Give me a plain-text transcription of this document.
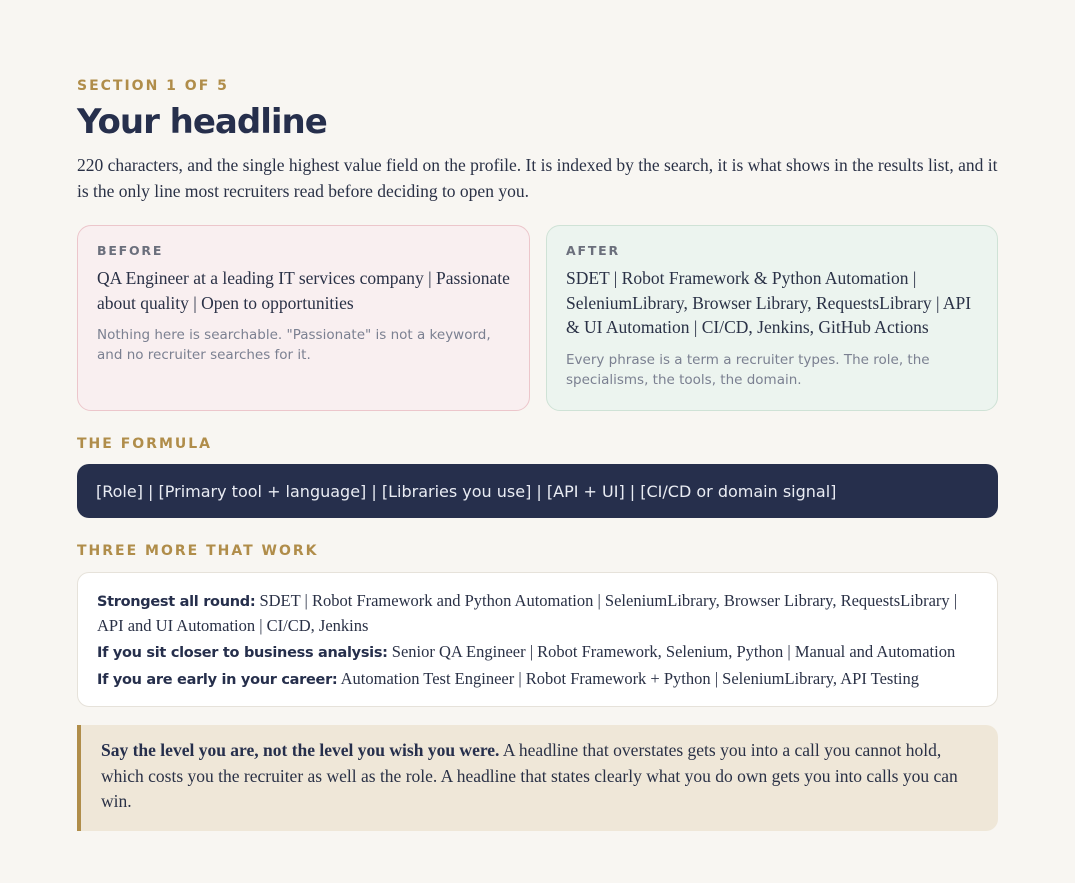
SECTION 1 OF 5
Your headline

220 characters, and the single highest value field on the profile. It is indexed by the search, it is what shows in the results list, and it is the only line most recruiters read before deciding to open you.

BEFORE
QA Engineer at a leading IT services company | Passionate about quality | Open to opportunities
Nothing here is searchable. "Passionate" is not a keyword, and no recruiter searches for it.
AFTER
SDET | Robot Framework & Python Automation | SeleniumLibrary, Browser Library, RequestsLibrary | API & UI Automation | CI/CD, Jenkins, GitHub Actions
Every phrase is a term a recruiter types. The role, the specialisms, the tools, the domain.
THE FORMULA
[Role] | [Primary tool + language] | [Libraries you use] | [API + UI] | [CI/CD or domain signal]
THREE MORE THAT WORK
Strongest all round: SDET | Robot Framework and Python Automation | SeleniumLibrary, Browser Library, RequestsLibrary | API and UI Automation | CI/CD, Jenkins
If you sit closer to business analysis: Senior QA Engineer | Robot Framework, Selenium, Python | Manual and Automation
If you are early in your career: Automation Test Engineer | Robot Framework + Python | SeleniumLibrary, API Testing
Say the level you are, not the level you wish you were. A headline that overstates gets you into a call you cannot hold, which costs you the recruiter as well as the role. A headline that states clearly what you do own gets you into calls you can win.
